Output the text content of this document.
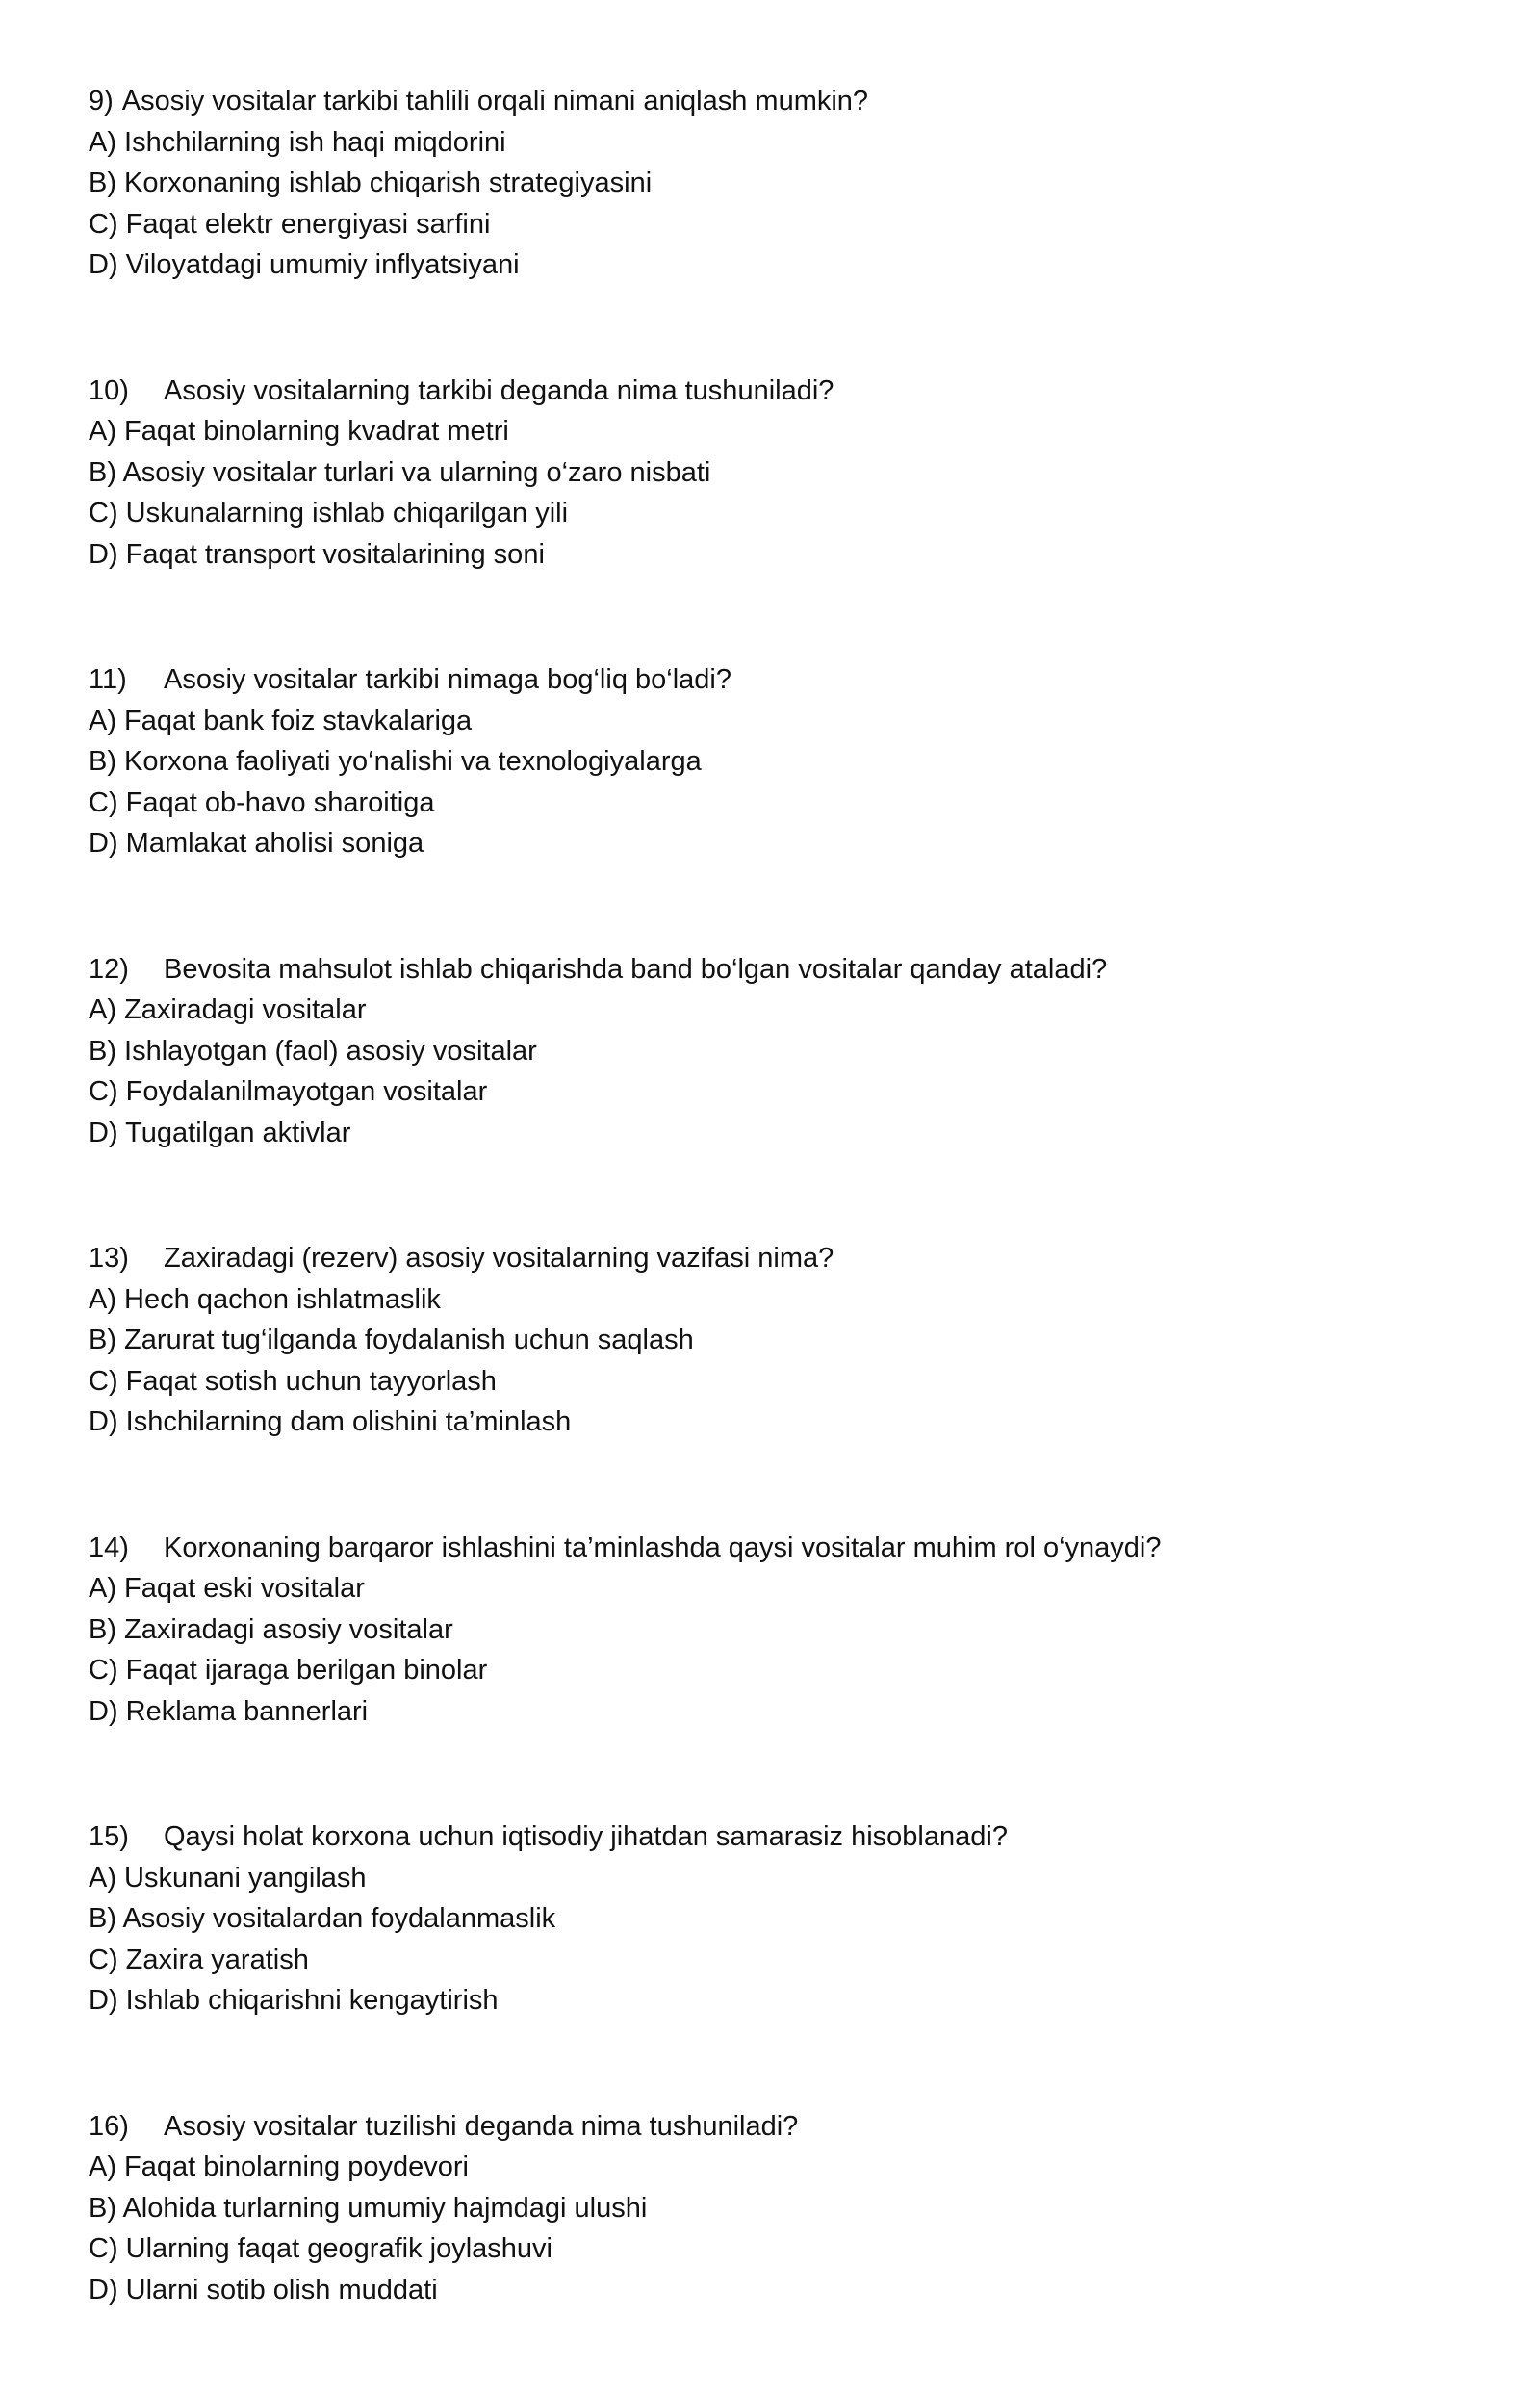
9) Asosiy vositalar tarkibi tahlili orqali nimani aniqlash mumkin?
A) Ishchilarning ish haqi miqdorini
B) Korxonaning ishlab chiqarish strategiyasini
C) Faqat elektr energiyasi sarfini
D) Viloyatdagi umumiy inflyatsiyani
10) Asosiy vositalarning tarkibi deganda nima tushuniladi?
A) Faqat binolarning kvadrat metri
B) Asosiy vositalar turlari va ularning o‘zaro nisbati
C) Uskunalarning ishlab chiqarilgan yili
D) Faqat transport vositalarining soni
11) Asosiy vositalar tarkibi nimaga bog‘liq bo‘ladi?
A) Faqat bank foiz stavkalariga
B) Korxona faoliyati yo‘nalishi va texnologiyalarga
C) Faqat ob-havo sharoitiga
D) Mamlakat aholisi soniga
12) Bevosita mahsulot ishlab chiqarishda band bo‘lgan vositalar qanday ataladi?
A) Zaxiradagi vositalar
B) Ishlayotgan (faol) asosiy vositalar
C) Foydalanilmayotgan vositalar
D) Tugatilgan aktivlar
13) Zaxiradagi (rezerv) asosiy vositalarning vazifasi nima?
A) Hech qachon ishlatmaslik
B) Zarurat tug‘ilganda foydalanish uchun saqlash
C) Faqat sotish uchun tayyorlash
D) Ishchilarning dam olishini ta’minlash
14) Korxonaning barqaror ishlashini ta’minlashda qaysi vositalar muhim rol o‘ynaydi?
A) Faqat eski vositalar
B) Zaxiradagi asosiy vositalar
C) Faqat ijaraga berilgan binolar
D) Reklama bannerlari
15) Qaysi holat korxona uchun iqtisodiy jihatdan samarasiz hisoblanadi?
A) Uskunani yangilash
B) Asosiy vositalardan foydalanmaslik
C) Zaxira yaratish
D) Ishlab chiqarishni kengaytirish
16) Asosiy vositalar tuzilishi deganda nima tushuniladi?
A) Faqat binolarning poydevori
B) Alohida turlarning umumiy hajmdagi ulushi
C) Ularning faqat geografik joylashuvi
D) Ularni sotib olish muddati
